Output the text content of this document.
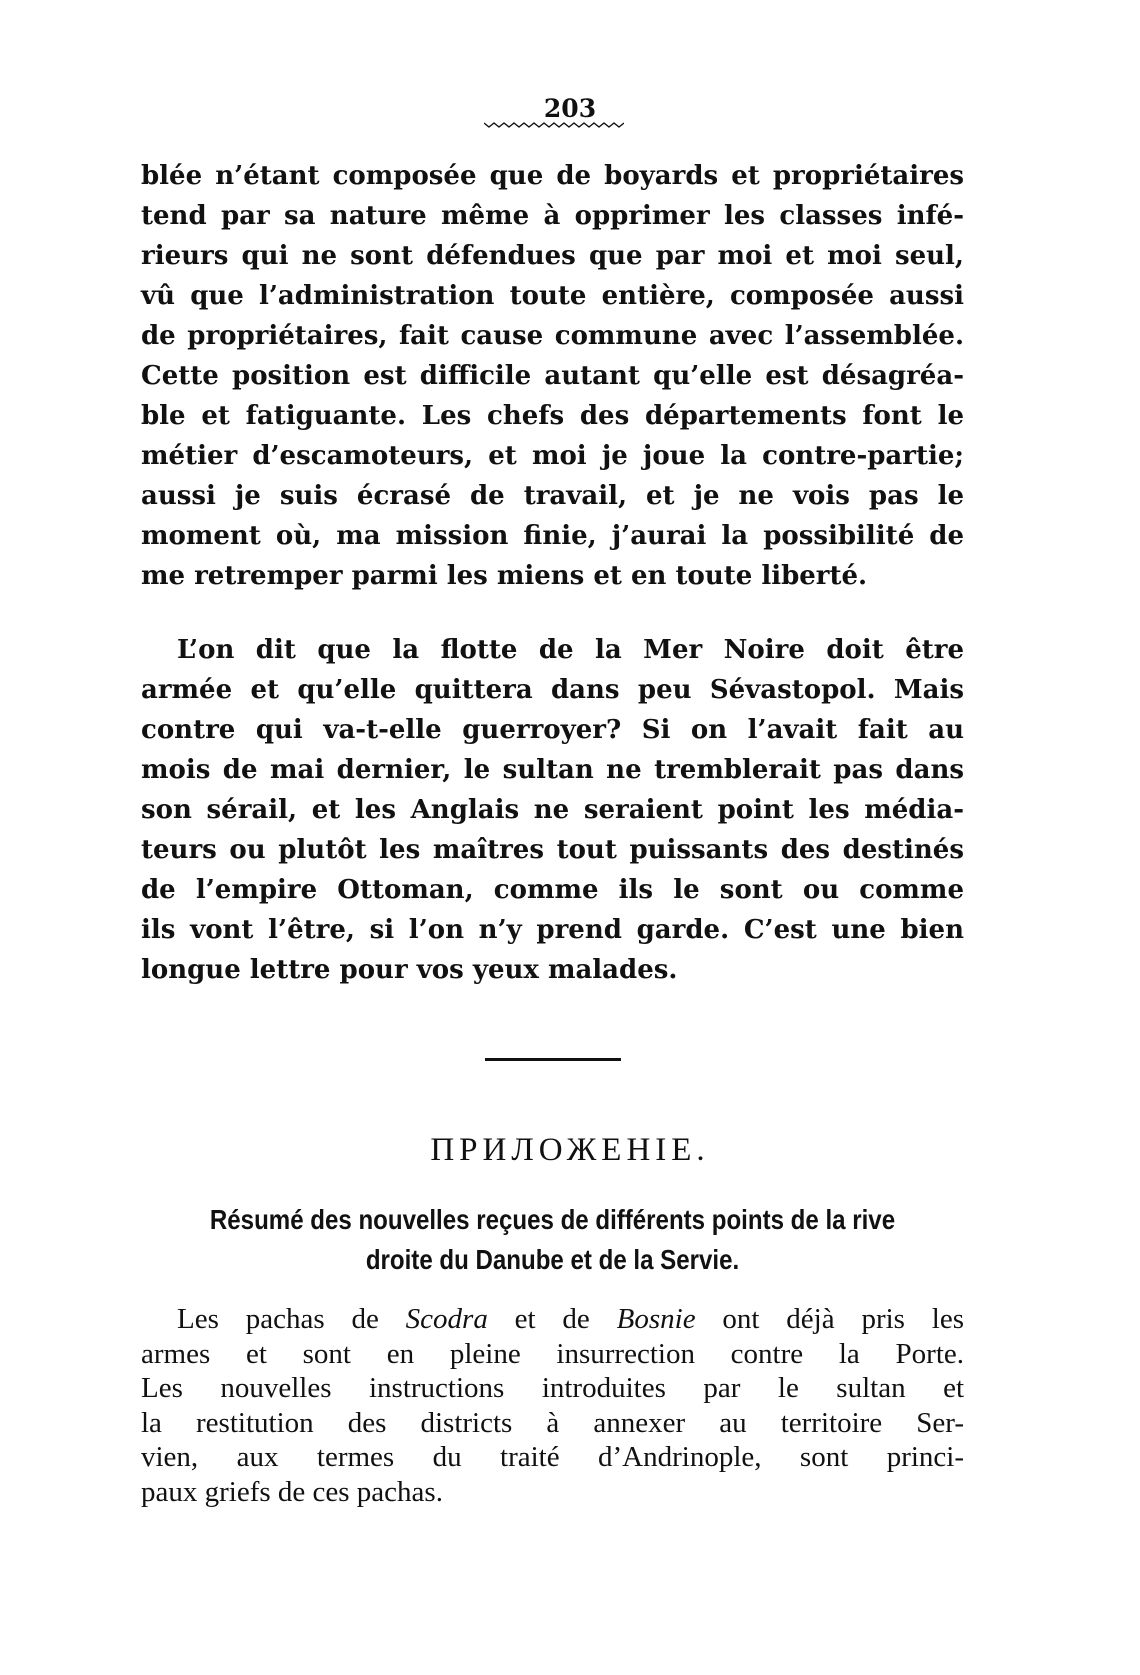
203
blée n’étant composée que de boyards et propriétaires
tend par sa nature même à opprimer les classes infé-
rieurs qui ne sont défendues que par moi et moi seul,
vû que l’administration toute entière, composée aussi
de propriétaires, fait cause commune avec l’assemblée.
Cette position est difficile autant qu’elle est désagréa-
ble et fatiguante. Les chefs des départements font le
métier d’escamoteurs, et moi je joue la contre-partie;
aussi je suis écrasé de travail, et je ne vois pas le
moment où, ma mission finie, j’aurai la possibilité de
me retremper parmi les miens et en toute liberté.
L’on dit que la flotte de la Mer Noire doit être
armée et qu’elle quittera dans peu Sévastopol. Mais
contre qui va-t-elle guerroyer? Si on l’avait fait au
mois de mai dernier, le sultan ne tremblerait pas dans
son sérail, et les Anglais ne seraient point les média-
teurs ou plutôt les maîtres tout puissants des destinés
de l’empire Ottoman, comme ils le sont ou comme
ils vont l’être, si l’on n’y prend garde. C’est une bien
longue lettre pour vos yeux malades.
ПРИЛОЖЕНIЕ.
Résumé des nouvelles reçues de différents points de la rive
droite du Danube et de la Servie.
Les pachas de Scodra et de Bosnie ont déjà pris les
armes et sont en pleine insurrection contre la Porte.
Les nouvelles instructions introduites par le sultan et
la restitution des districts à annexer au territoire Ser-
vien, aux termes du traité d’Andrinople, sont princi-
paux griefs de ces pachas.
